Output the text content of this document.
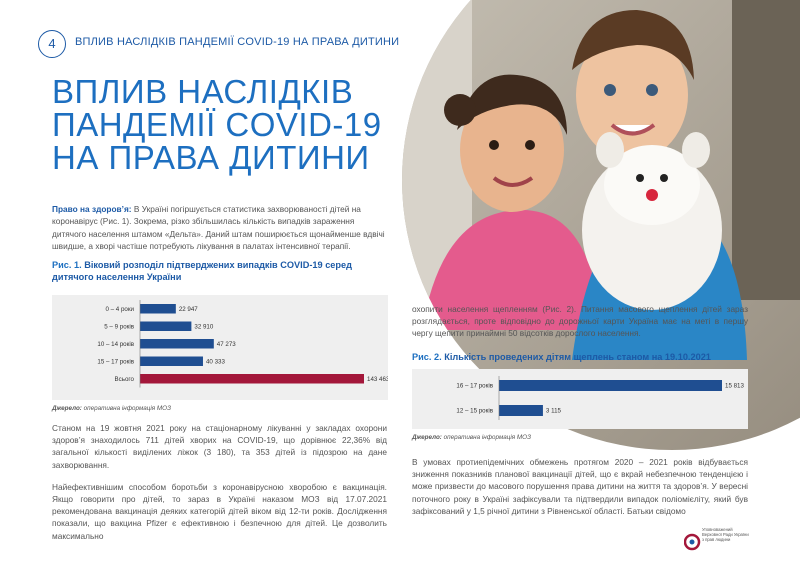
4	ВПЛИВ НАСЛІДКІВ ПАНДЕМІЇ COVID-19 НА ПРАВА ДИТИНИ
ВПЛИВ НАСЛІДКІВ
ПАНДЕМІЇ COVID-19
НА ПРАВА ДИТИНИ
Право на здоров’я: В Україні погіршується статистика захворюваності дітей на коронавірус (Рис. 1). Зокрема, різко збільшилась кількість випадків зараження дитячого населення штамом «Дельта». Даний штам поширюється щонайменше вдвічі швидше, а хворі частіше потребують лікування в палатах інтенсивної терапії.
Рис. 1. Віковий розподіл підтверджених випадків COVID-19 серед дитячого населення України
0 – 4 роки	22 947
5 – 9 років	32 910
10 – 14 років	47 273
15 – 17 років	40 333
Всього	143 463
Джерело: оперативна інформація МОЗ

Станом на 19 жовтня 2021 року на стаціонарному лікуванні у закладах охорони здоров’я знаходилось 711 дітей хворих на COVID-19, що дорівнює 22,36% від загальної кількості виділених ліжок (3 180), та 353 дітей із підозрою на дане захворювання.

Найефективнішим способом боротьби з коронавірусною хворобою є вакцинація. Якщо говорити про дітей, то зараз в Україні наказом МОЗ від 17.07.2021 рекомендована вакцинація деяких категорій дітей віком від 12-ти років. Дослідження показали, що вакцина Pfizer є ефективною і безпечною для дітей. Це дозволить максимально

охопити населення щепленням (Рис. 2). Питання масового щеплення дітей зараз розглядається, проте відповідно до дорожньої карти Україна має на меті в першу чергу щепити принаймні 50 відсотків дорослого населення.

Рис. 2. Кількість проведених дітям щеплень станом на 19.10.2021
16 – 17 років	15 813
12 – 15 років	3 115
Джерело: оперативна інформація МОЗ

В умовах протиепідемічних обмежень протягом 2020 – 2021 років відбувається зниження показників планової вакцинації дітей, що є вкрай небезпечною тенденцією і може призвести до масового порушення права дитини на життя та здоров’я. У вересні поточного року в Україні зафіксували та підтвердили випадок поліомієліту, який був зафіксований у 1,5 річної дитини з Рівненської області. Батьки свідомо

Уповноважений
Верховної Ради України
з прав людини
